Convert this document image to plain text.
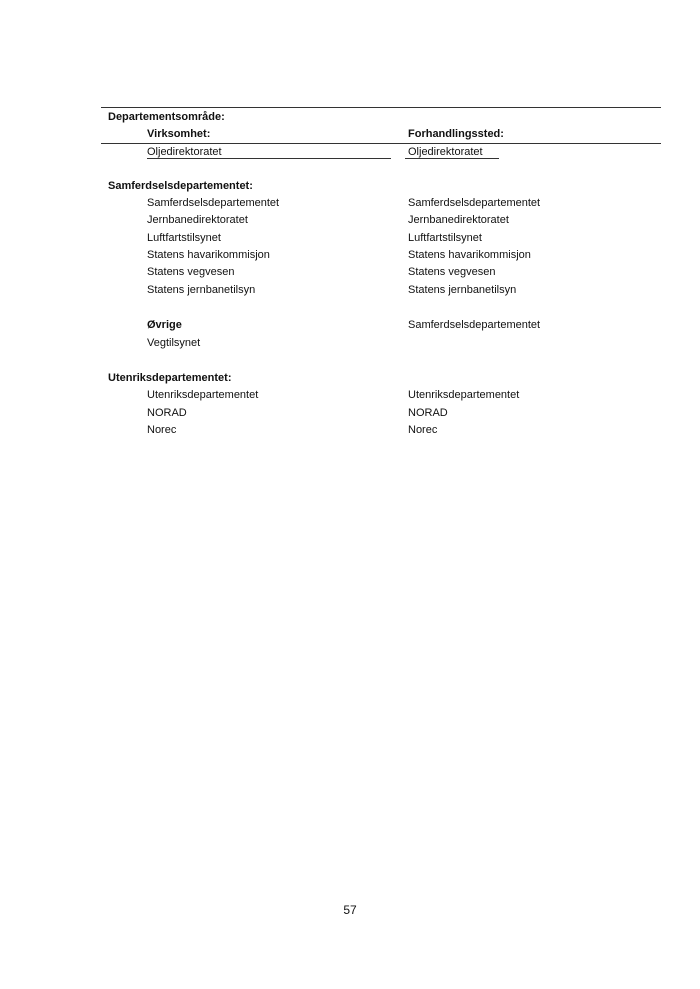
Departementsområde:
Virksomhet:	Forhandlingssted:
Oljedirektoratet	Oljedirektoratet
Samferdselsdepartementet:
Samferdselsdepartementet	Samferdselsdepartementet
Jernbanedirektoratet	Jernbanedirektoratet
Luftfartstilsynet	Luftfartstilsynet
Statens havarikommisjon	Statens havarikommisjon
Statens vegvesen	Statens vegvesen
Statens jernbanetilsyn	Statens jernbanetilsyn
Øvrige	Samferdselsdepartementet
Vegtilsynet
Utenriksdepartementet:
Utenriksdepartementet	Utenriksdepartementet
NORAD	NORAD
Norec	Norec
57
